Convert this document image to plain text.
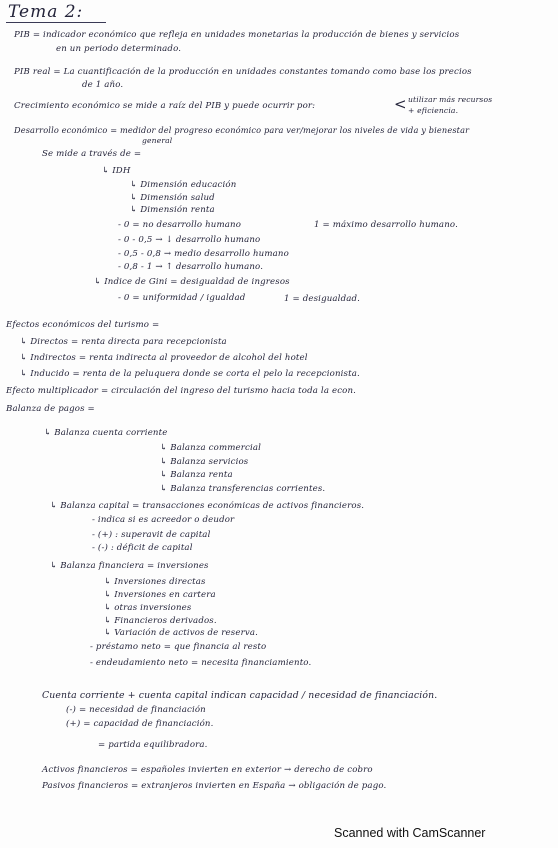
Tema 2:
PIB = indicador económico que refleja en unidades monetarias la producción de bienes y servicios
en un periodo determinado.
PIB real = La cuantificación de la producción en unidades constantes tomando como base los precios
de 1 año.
Crecimiento económico se mide a raíz del PIB y puede ocurrir por:	< utilizar más recursos
+ eficiencia.
Desarrollo económico = medidor del progreso económico para ver/mejorar los niveles de vida y bienestar
general
Se mide a través de =
↳ IDH
↳ Dimensión educación
↳ Dimensión salud
↳ Dimensión renta
- 0 = no desarrollo humano	1 = máximo desarrollo humano.
- 0 - 0,5 → ↓ desarrollo humano
- 0,5 - 0,8 → medio desarrollo humano
- 0,8 - 1 → ↑ desarrollo humano.
↳ Indice de Gini = desigualdad de ingresos
- 0 = uniformidad / igualdad	1 = desigualdad.
Efectos económicos del turismo =
↳ Directos = renta directa para recepcionista
↳ Indirectos = renta indirecta al proveedor de alcohol del hotel
↳ Inducido = renta de la peluquera donde se corta el pelo la recepcionista.
Efecto multiplicador = circulación del ingreso del turismo hacia toda la econ.
Balanza de pagos =
↳ Balanza cuenta corriente
↳ Balanza commercial
↳ Balanza servicios
↳ Balanza renta
↳ Balanza transferencias corrientes.
↳ Balanza capital = transacciones económicas de activos financieros.
- indica si es acreedor o deudor
- (+) : superavit de capital
- (-) : déficit de capital
↳ Balanza financiera = inversiones
↳ Inversiones directas
↳ Inversiones en cartera
↳ otras inversiones
↳ Financieros derivados.
↳ Variación de activos de reserva.
- préstamo neto = que financia al resto
- endeudamiento neto = necesita financiamiento.
Cuenta corriente + cuenta capital indican capacidad / necesidad de financiación.
(-) = necesidad de financiación
(+) = capacidad de financiación.
= partida equilibradora.
Activos financieros = españoles invierten en exterior → derecho de cobro
Pasivos financieros = extranjeros invierten en España → obligación de pago.
Scanned with CamScanner
